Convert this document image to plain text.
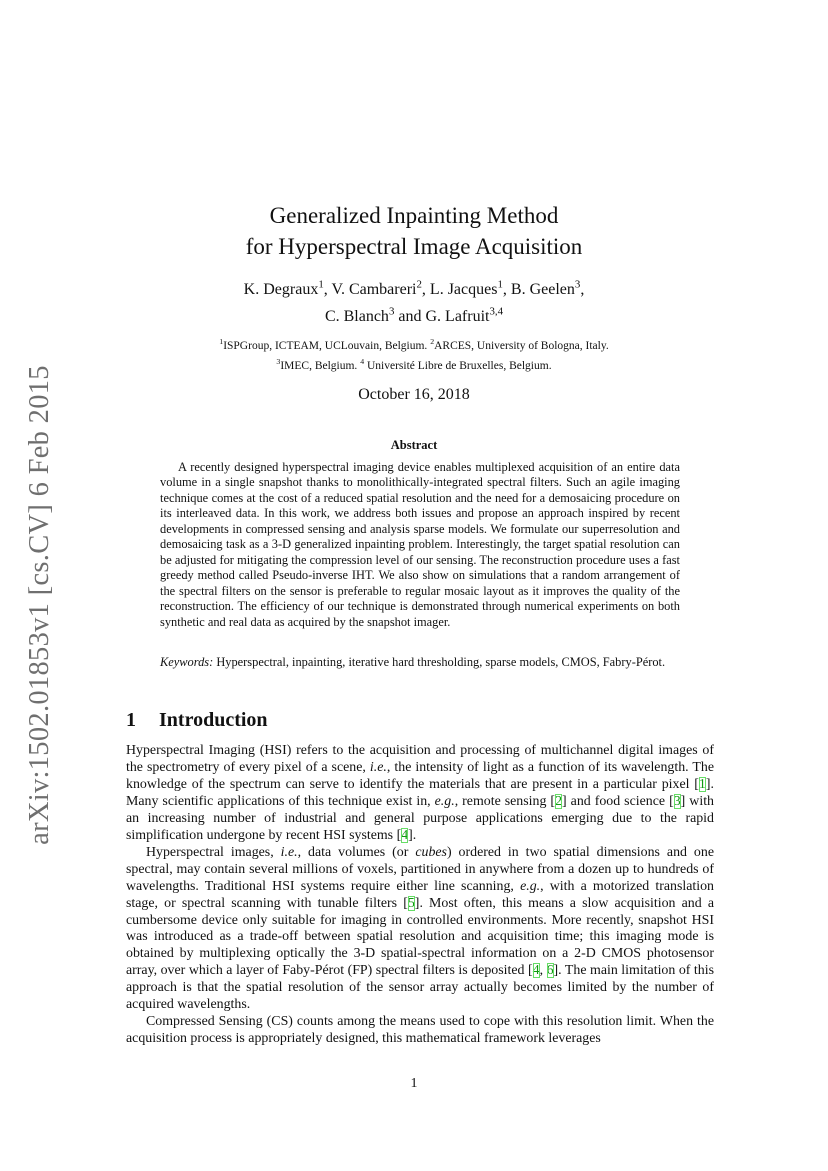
arXiv:1502.01853v1 [cs.CV] 6 Feb 2015
Generalized Inpainting Method
for Hyperspectral Image Acquisition
K. Degraux$^1$, V. Cambareri$^2$, L. Jacques$^1$, B. Geelen$^3$,
C. Blanch$^3$ and G. Lafruit$^{3,4}$
$^1$ISPGroup, ICTEAM, UCLouvain, Belgium. $^2$ARCES, University of Bologna, Italy.
$^3$IMEC, Belgium. $^4$ Université Libre de Bruxelles, Belgium.
October 16, 2018
Abstract

A recently designed hyperspectral imaging device enables multiplexed acquisition of an entire data volume in a single snapshot thanks to monolithically-integrated spectral filters. Such an agile imaging technique comes at the cost of a reduced spatial resolution and the need for a demosaicing procedure on its interleaved data. In this work, we address both issues and propose an approach inspired by recent developments in compressed sensing and analysis sparse models. We formulate our superresolution and demosaicing task as a 3-D generalized inpainting problem. Interestingly, the target spatial resolution can be adjusted for mitigating the compression level of our sensing. The reconstruction procedure uses a fast greedy method called Pseudo-inverse IHT. We also show on simulations that a random arrangement of the spectral filters on the sensor is preferable to regular mosaic layout as it improves the quality of the reconstruction. The efficiency of our technique is demonstrated through numerical experiments on both synthetic and real data as acquired by the snapshot imager.

Keywords: Hyperspectral, inpainting, iterative hard thresholding, sparse models, CMOS, Fabry-Pérot.

1 Introduction

Hyperspectral Imaging (HSI) refers to the acquisition and processing of multichannel digital images of the spectrometry of every pixel of a scene, i.e., the intensity of light as a function of its wavelength. The knowledge of the spectrum can serve to identify the materials that are present in a particular pixel [1]. Many scientific applications of this technique exist in, e.g., remote sensing [2] and food science [3] with an increasing number of industrial and general purpose applications emerging due to the rapid simplification undergone by recent HSI systems [4].

Hyperspectral images, i.e., data volumes (or cubes) ordered in two spatial dimensions and one spectral, may contain several millions of voxels, partitioned in anywhere from a dozen up to hundreds of wavelengths. Traditional HSI systems require either line scanning, e.g., with a motorized translation stage, or spectral scanning with tunable filters [5]. Most often, this means a slow acquisition and a cumbersome device only suitable for imaging in controlled environments. More recently, snapshot HSI was introduced as a trade-off between spatial resolution and acquisition time; this imaging mode is obtained by multiplexing optically the 3-D spatial-spectral information on a 2-D CMOS photosensor array, over which a layer of Faby-Pérot (FP) spectral filters is deposited [4, 6]. The main limitation of this approach is that the spatial resolution of the sensor array actually becomes limited by the number of acquired wavelengths.

Compressed Sensing (CS) counts among the means used to cope with this resolution limit. When the acquisition process is appropriately designed, this mathematical framework leverages

1
